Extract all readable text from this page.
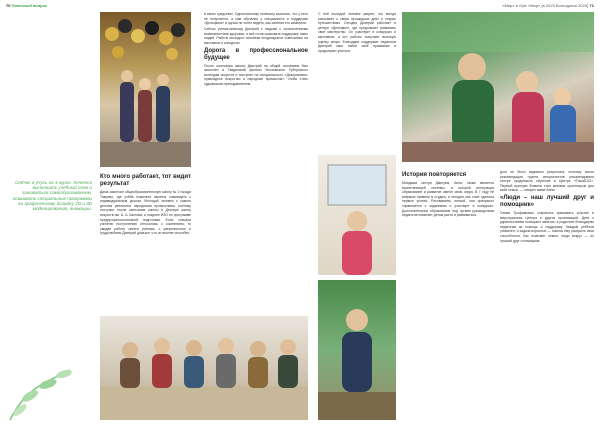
70 Полезный вопрос	«Мир» в Уфе «Мир» (в 2023 Волгодонск 2024) 71
Сейчас я учусь на 4 курсе. Хочется выполнить учебный план и заниматься самообразованием, осваивать специальные программы по графическому дизайну 2D и 3D моделированию, анимации.
Кто много работает, тот видит результат

Дима закончил общеобразовательную школу № 2 города Таврово, где учёба помогали занятия совмещать с индивидуальным уроком. Молодой человек с самого детства увлекался народными промыслами, поэтому поступил после окончания школы в Детскую школу искусств им. А. А. Шилова, а позднее ИЗО по программе предпрофессиональной подготовки. Если сначала учителю поступлению относились с сомнением, то увидев работу своего ученика, с уверенностью и трудолюбием Дмитрий доказал, что он вполне способен.

в своих средствах. Однокласснику поначалу казалось, что у него не получается, а сам обучался у специалиста и поддержке «Дельфина» и одном не хотел видеть, как занятия его изменили.

Сейчас ученик-инвалид Дмитрий с людьми с ограниченными возможностями здоровья, и всё готов оказывать поддержку таких людей. Работы молодого человека неоднократно отмечались на выставках и конкурсах.

Дорога в профессиональное будущее

После окончания школы Дмитрий на общий основании был зачислен в Тавдинский филиал Московского Губернского колледжа искусств и поступил на специальность «Декоративно-прикладное искусство и народные промыслы», чтобы стать художником-преподавателем.

С ней молодой человек уверен, что всегда расскажет о своих прошедших днях и старых путешествиях. Сегодня Дмитрий работает в центре «Дельфин», где продолжает развивать своё мастерство. Он участвует в конкурсах и выставках, а его работы получают высокую оценку жюри. Благодаря поддержке педагогов Дмитрий смог найти своё призвание и продолжает учиться.

История повторяется

Младшая сестра Дмитрия, Анна, также является воспитанницей системы, в которой интеграция образование и развитие имеют свою опору. В 7 году её впервые привели в студию, и сегодня она тоже сделала первые успехи. Рисованием, лепкой, она прекрасно справляется с заданиями и участвует в конкурсах. Дополнительное образование под чутким руководством педагогов помогает детям расти и развиваться.

дого не было видимого результата, поэтому после рекомендации группа специалистов рекомендовали сестре продолжить обучение в Центре «ТошаБЭС». Первый принцип Фомина стал важным ориентиром для всей семьи, — говорит мама Анны.

«Люди – наш лучший друг и помощник»

Семьи Трофимовых стараются принимать участие в мероприятиях Центра и других организаций. Дети с удовольствием посещают занятия, а родители благодарны педагогам за помощь и поддержку. Каждый ребёнок уникален, и задача взрослых — помочь ему раскрыть свои способности. Как отмечает семья, люди вокруг — их лучший друг и помощник.
